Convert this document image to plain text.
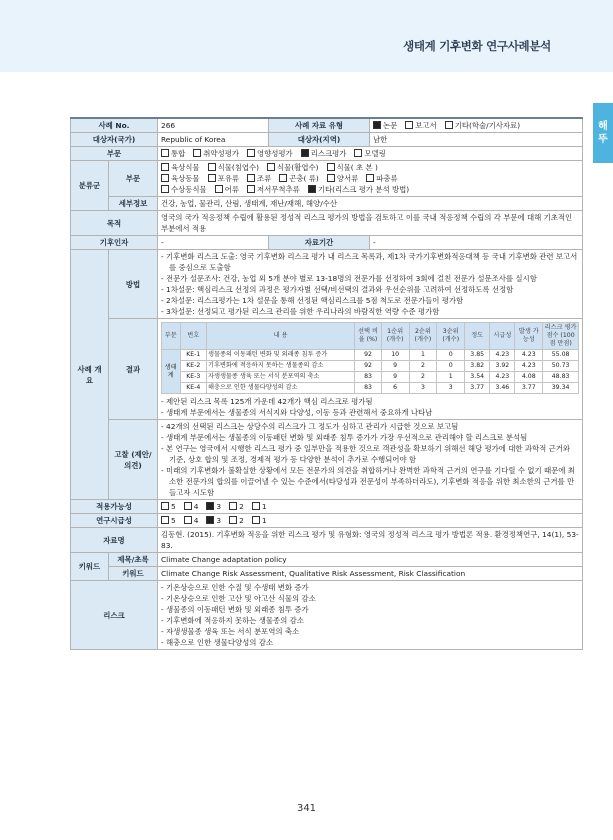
생태계 기후변화 연구사례분석
해
뚜
사례 No.	266	사례 자료 유형	논문 보고서 기타(학술/기사자료)
대상자(국가)	Republic of Korea	대상자(지역)	남한
부문	통합 취약성평가 영향성평가 리스크평가 모델링
분류군	부문	
육상식물 식물(침엽수) 식물(활엽수) 식물( 초 본 )
육상동물 포유류 조류 곤충( 류) 양서류 파충류
수상동식물 어류 저서무척추류 기타(리스크 평가 분석 방법)

세부정보	건강, 농업, 물관리, 산림, 생태계, 재난/재해, 해양/수산
목적	영국의 국가 적응정책 수립에 활용된 정성적 리스크 평가의 방법을 검토하고 이를 국내 적응정책 수립의 각 부문에 대해 기초적인 부분에서 적용
기후인자	-	자료기간	-
사례 개요	방법	
- 기후변화 리스크 도출: 영국 기후변화 리스크 평가 내 리스크 목록과, 제1차 국가기후변화적응대책 등 국내 기후변화 관련 보고서를 중심으로 도출함
- 전문가 설문조사: 건강, 농업 외 5개 분야 별로 13-18명의 전문가를 선정하여 3회에 걸친 전문가 설문조사를 실시함
- 1차설문: 핵심리스크 선정의 과정은 평가자별 선택/비선택의 결과와 우선순위를 고려하여 선정하도록 선정함
- 2차설문: 리스크평가는 1차 설문을 통해 선정된 핵심리스크를 5점 척도로 전문가들이 평가함
- 3차설문: 선정되고 평가된 리스크 관리를 위한 우리나라의 바람직한 역량 수준 평가함

결과	
부문	번호	내 용	선택 비율 (%)	1순위 (개수)	2순위 (개수)	3순위 (개수)	정도	시급성	발생 가능성	리스크 평가 점수 (100점 만점)
생태계	KE-1	생물종의 이동패턴 변화 및 외래종 침투 증가	92	10	1	0	3.85	4.23	4.23	55.08
KE-2	기후변화에 적응하지 못하는 생물종의 감소	92	9	2	0	3.82	3.92	4.23	50.73
KE-3	자생생물종 생육 또는 서식 분포역의 축소	83	9	2	1	3.54	4.23	4.08	48.83
KE-4	해충으로 인한 생물다양성의 감소	83	6	3	3	3.77	3.46	3.77	39.34
- 제안된 리스크 목록 125개 가운데 42개가 핵심 리스크로 평가됨
- 생태계 부문에서는 생물종의 서식지와 다양성, 이동 등과 관련해서 중요하게 나타남

고찰 (제안/의견)	
- 42개의 선택된 리스크는 상당수의 리스크가 그 정도가 심하고 관리가 시급한 것으로 보고됨
- 생태계 부문에서는 생물종의 이동패턴 변화 및 외래종 침투 증가가 가장 우선적으로 관리해야 할 리스크로 분석됨
- 본 연구는 영국에서 시행한 리스크 평가 중 일부만을 적용한 것으로 객관성을 확보하기 위해선 해당 평가에 대한 과학적 근거와 기준, 상호 합의 및 조정, 경제적 평가 등 다양한 분석이 추가로 수행되어야 함
- 미래의 기후변화가 불확실한 상황에서 모든 전문가의 의견을 취합하거나 완벽한 과학적 근거의 연구를 기다릴 수 없기 때문에 최소한 전문가의 합의를 이끌어낼 수 있는 수준에서(타당성과 전문성이 부족하더라도), 기후변화 적응을 위한 최소한의 근거를 만들고자 시도함

적용가능성	5 4 3 2 1
연구시급성	5 4 3 2 1
자료명	김동현. (2015). 기후변화 적응을 위한 리스크 평가 및 유형화: 영국의 정성적 리스크 평가 방법론 적용. 환경정책연구, 14(1), 53-83.
키워드	제목/초록	Climate Change adaptation policy
키워드	Climate Change Risk Assessment, Qualitative Risk Assessment, Risk Classification
리스크	
- 기온상승으로 인한 수질 및 수생태 변화 증가
- 기온상승으로 인한 고산 및 아고산 식물의 감소
- 생물종의 이동패턴 변화 및 외래종 침투 증가
- 기후변화에 적응하지 못하는 생물종의 감소
- 자생생물종 생육 또는 서식 분포역의 축소
- 해충으로 인한 생물다양성의 감소
341
